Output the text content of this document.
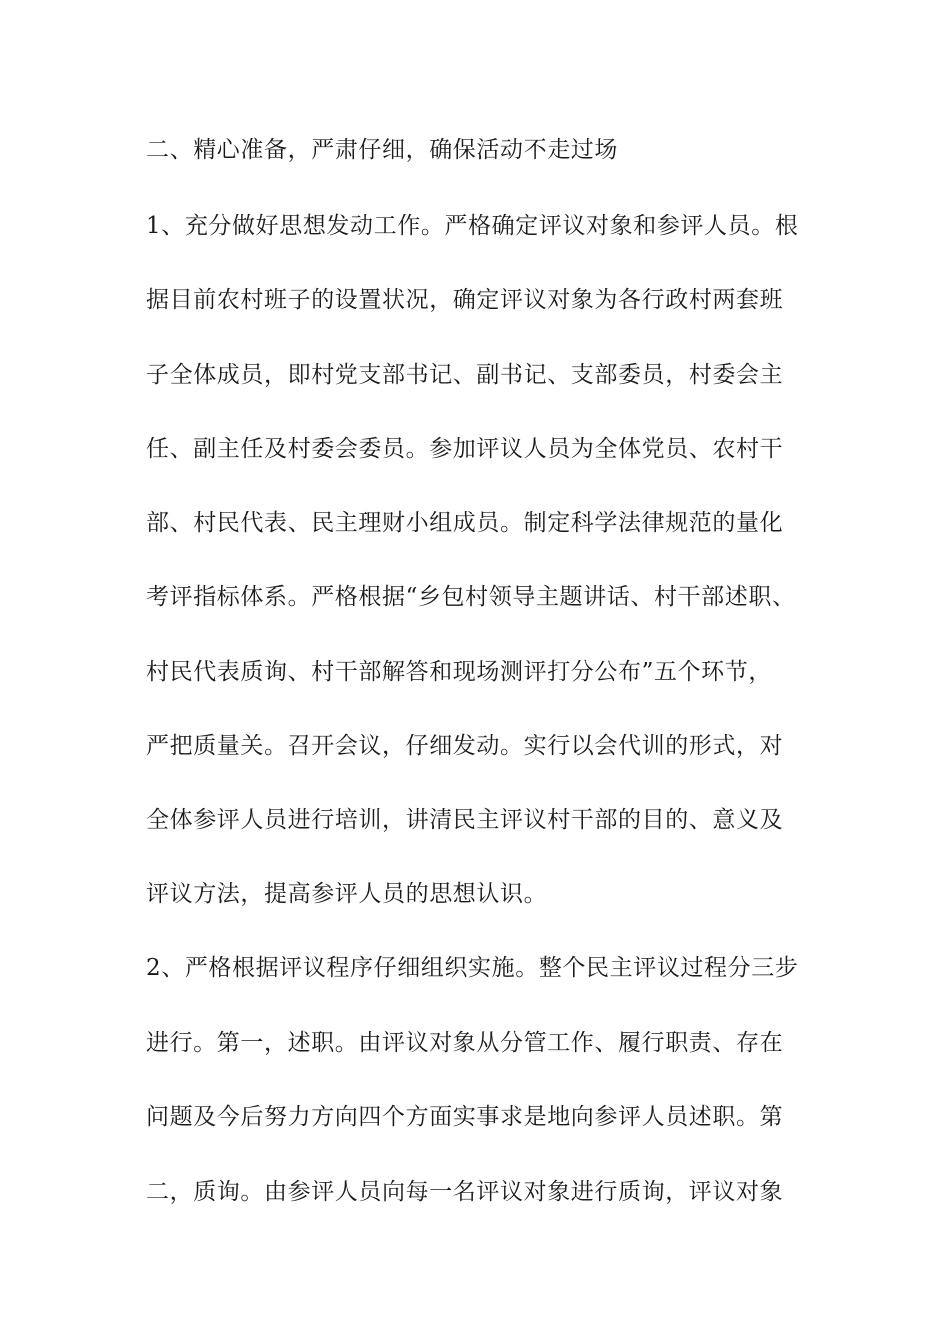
二、精心准备，严肃仔细，确保活动不走过场
1、充分做好思想发动工作。严格确定评议对象和参评人员。根
据目前农村班子的设置状况，确定评议对象为各行政村两套班
子全体成员，即村党支部书记、副书记、支部委员，村委会主
任、副主任及村委会委员。参加评议人员为全体党员、农村干
部、村民代表、民主理财小组成员。制定科学法律规范的量化
考评指标体系。严格根据“乡包村领导主题讲话、村干部述职、
村民代表质询、村干部解答和现场测评打分公布”五个环节，
严把质量关。召开会议，仔细发动。实行以会代训的形式，对
全体参评人员进行培训，讲清民主评议村干部的目的、意义及
评议方法，提高参评人员的思想认识。
2、严格根据评议程序仔细组织实施。整个民主评议过程分三步
进行。第一，述职。由评议对象从分管工作、履行职责、存在
问题及今后努力方向四个方面实事求是地向参评人员述职。第
二，质询。由参评人员向每一名评议对象进行质询，评议对象
